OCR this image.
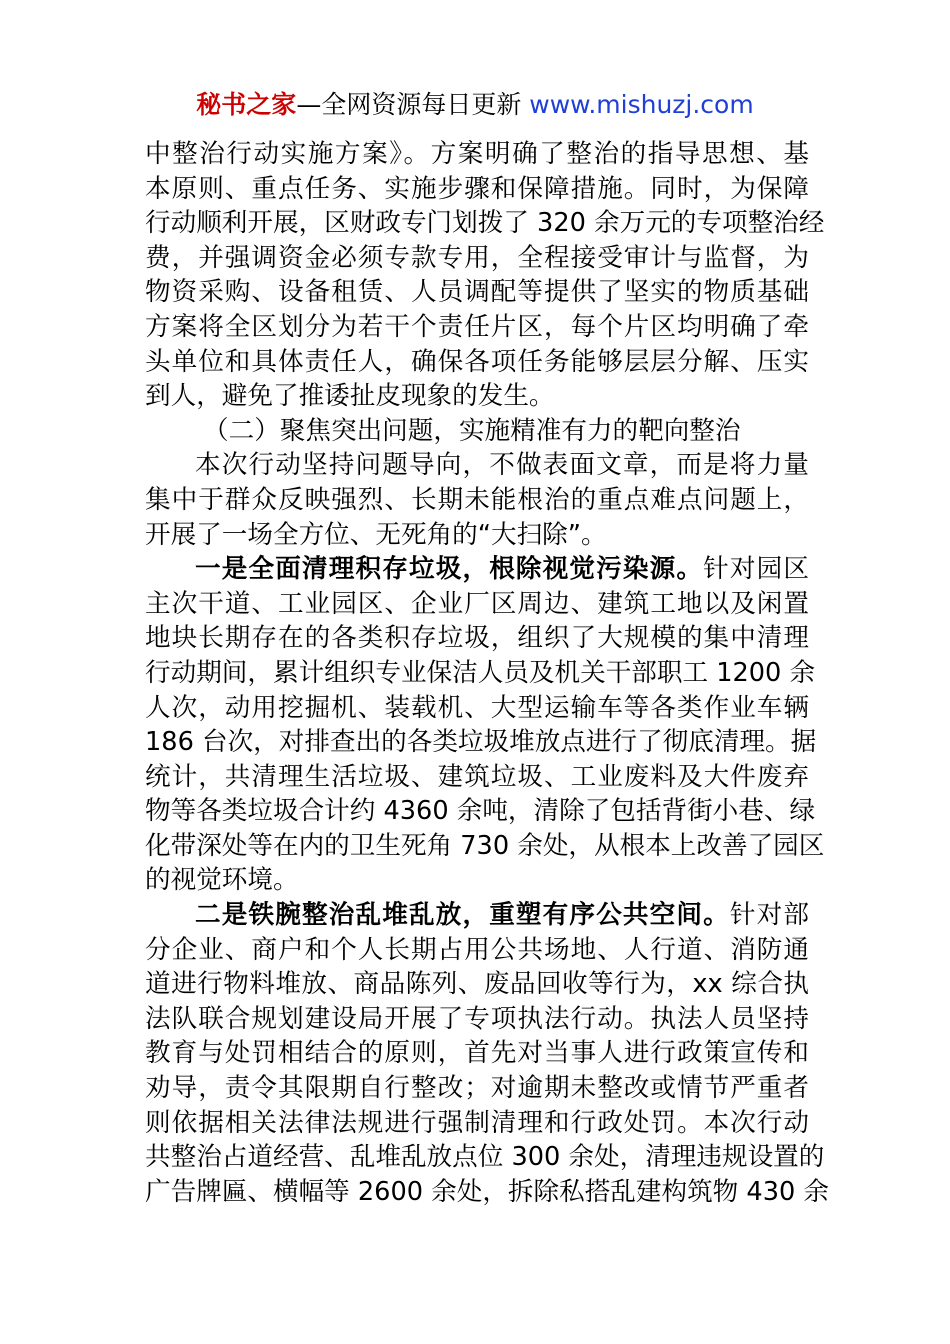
秘书之家—全网资源每日更新 www.mishuzj.com
中整治行动实施方案》。方案明确了整治的指导思想、基
本原则、重点任务、实施步骤和保障措施。同时，为保障
行动顺利开展，区财政专门划拨了 320 余万元的专项整治经
费，并强调资金必须专款专用，全程接受审计与监督，为
物资采购、设备租赁、人员调配等提供了坚实的物质基础
方案将全区划分为若干个责任片区，每个片区均明确了牵
头单位和具体责任人，确保各项任务能够层层分解、压实
到人，避免了推诿扯皮现象的发生。
（二）聚焦突出问题，实施精准有力的靶向整治
本次行动坚持问题导向，不做表面文章，而是将力量
集中于群众反映强烈、长期未能根治的重点难点问题上，
开展了一场全方位、无死角的“大扫除”。
一是全面清理积存垃圾，根除视觉污染源。针对园区
主次干道、工业园区、企业厂区周边、建筑工地以及闲置
地块长期存在的各类积存垃圾，组织了大规模的集中清理
行动期间，累计组织专业保洁人员及机关干部职工 1200 余
人次，动用挖掘机、装载机、大型运输车等各类作业车辆
186 台次，对排查出的各类垃圾堆放点进行了彻底清理。据
统计，共清理生活垃圾、建筑垃圾、工业废料及大件废弃
物等各类垃圾合计约 4360 余吨，清除了包括背街小巷、绿
化带深处等在内的卫生死角 730 余处，从根本上改善了园区
的视觉环境。
二是铁腕整治乱堆乱放，重塑有序公共空间。针对部
分企业、商户和个人长期占用公共场地、人行道、消防通
道进行物料堆放、商品陈列、废品回收等行为，xx 综合执
法队联合规划建设局开展了专项执法行动。执法人员坚持
教育与处罚相结合的原则，首先对当事人进行政策宣传和
劝导，责令其限期自行整改；对逾期未整改或情节严重者
则依据相关法律法规进行强制清理和行政处罚。本次行动
共整治占道经营、乱堆乱放点位 300 余处，清理违规设置的
广告牌匾、横幅等 2600 余处，拆除私搭乱建构筑物 430 余
